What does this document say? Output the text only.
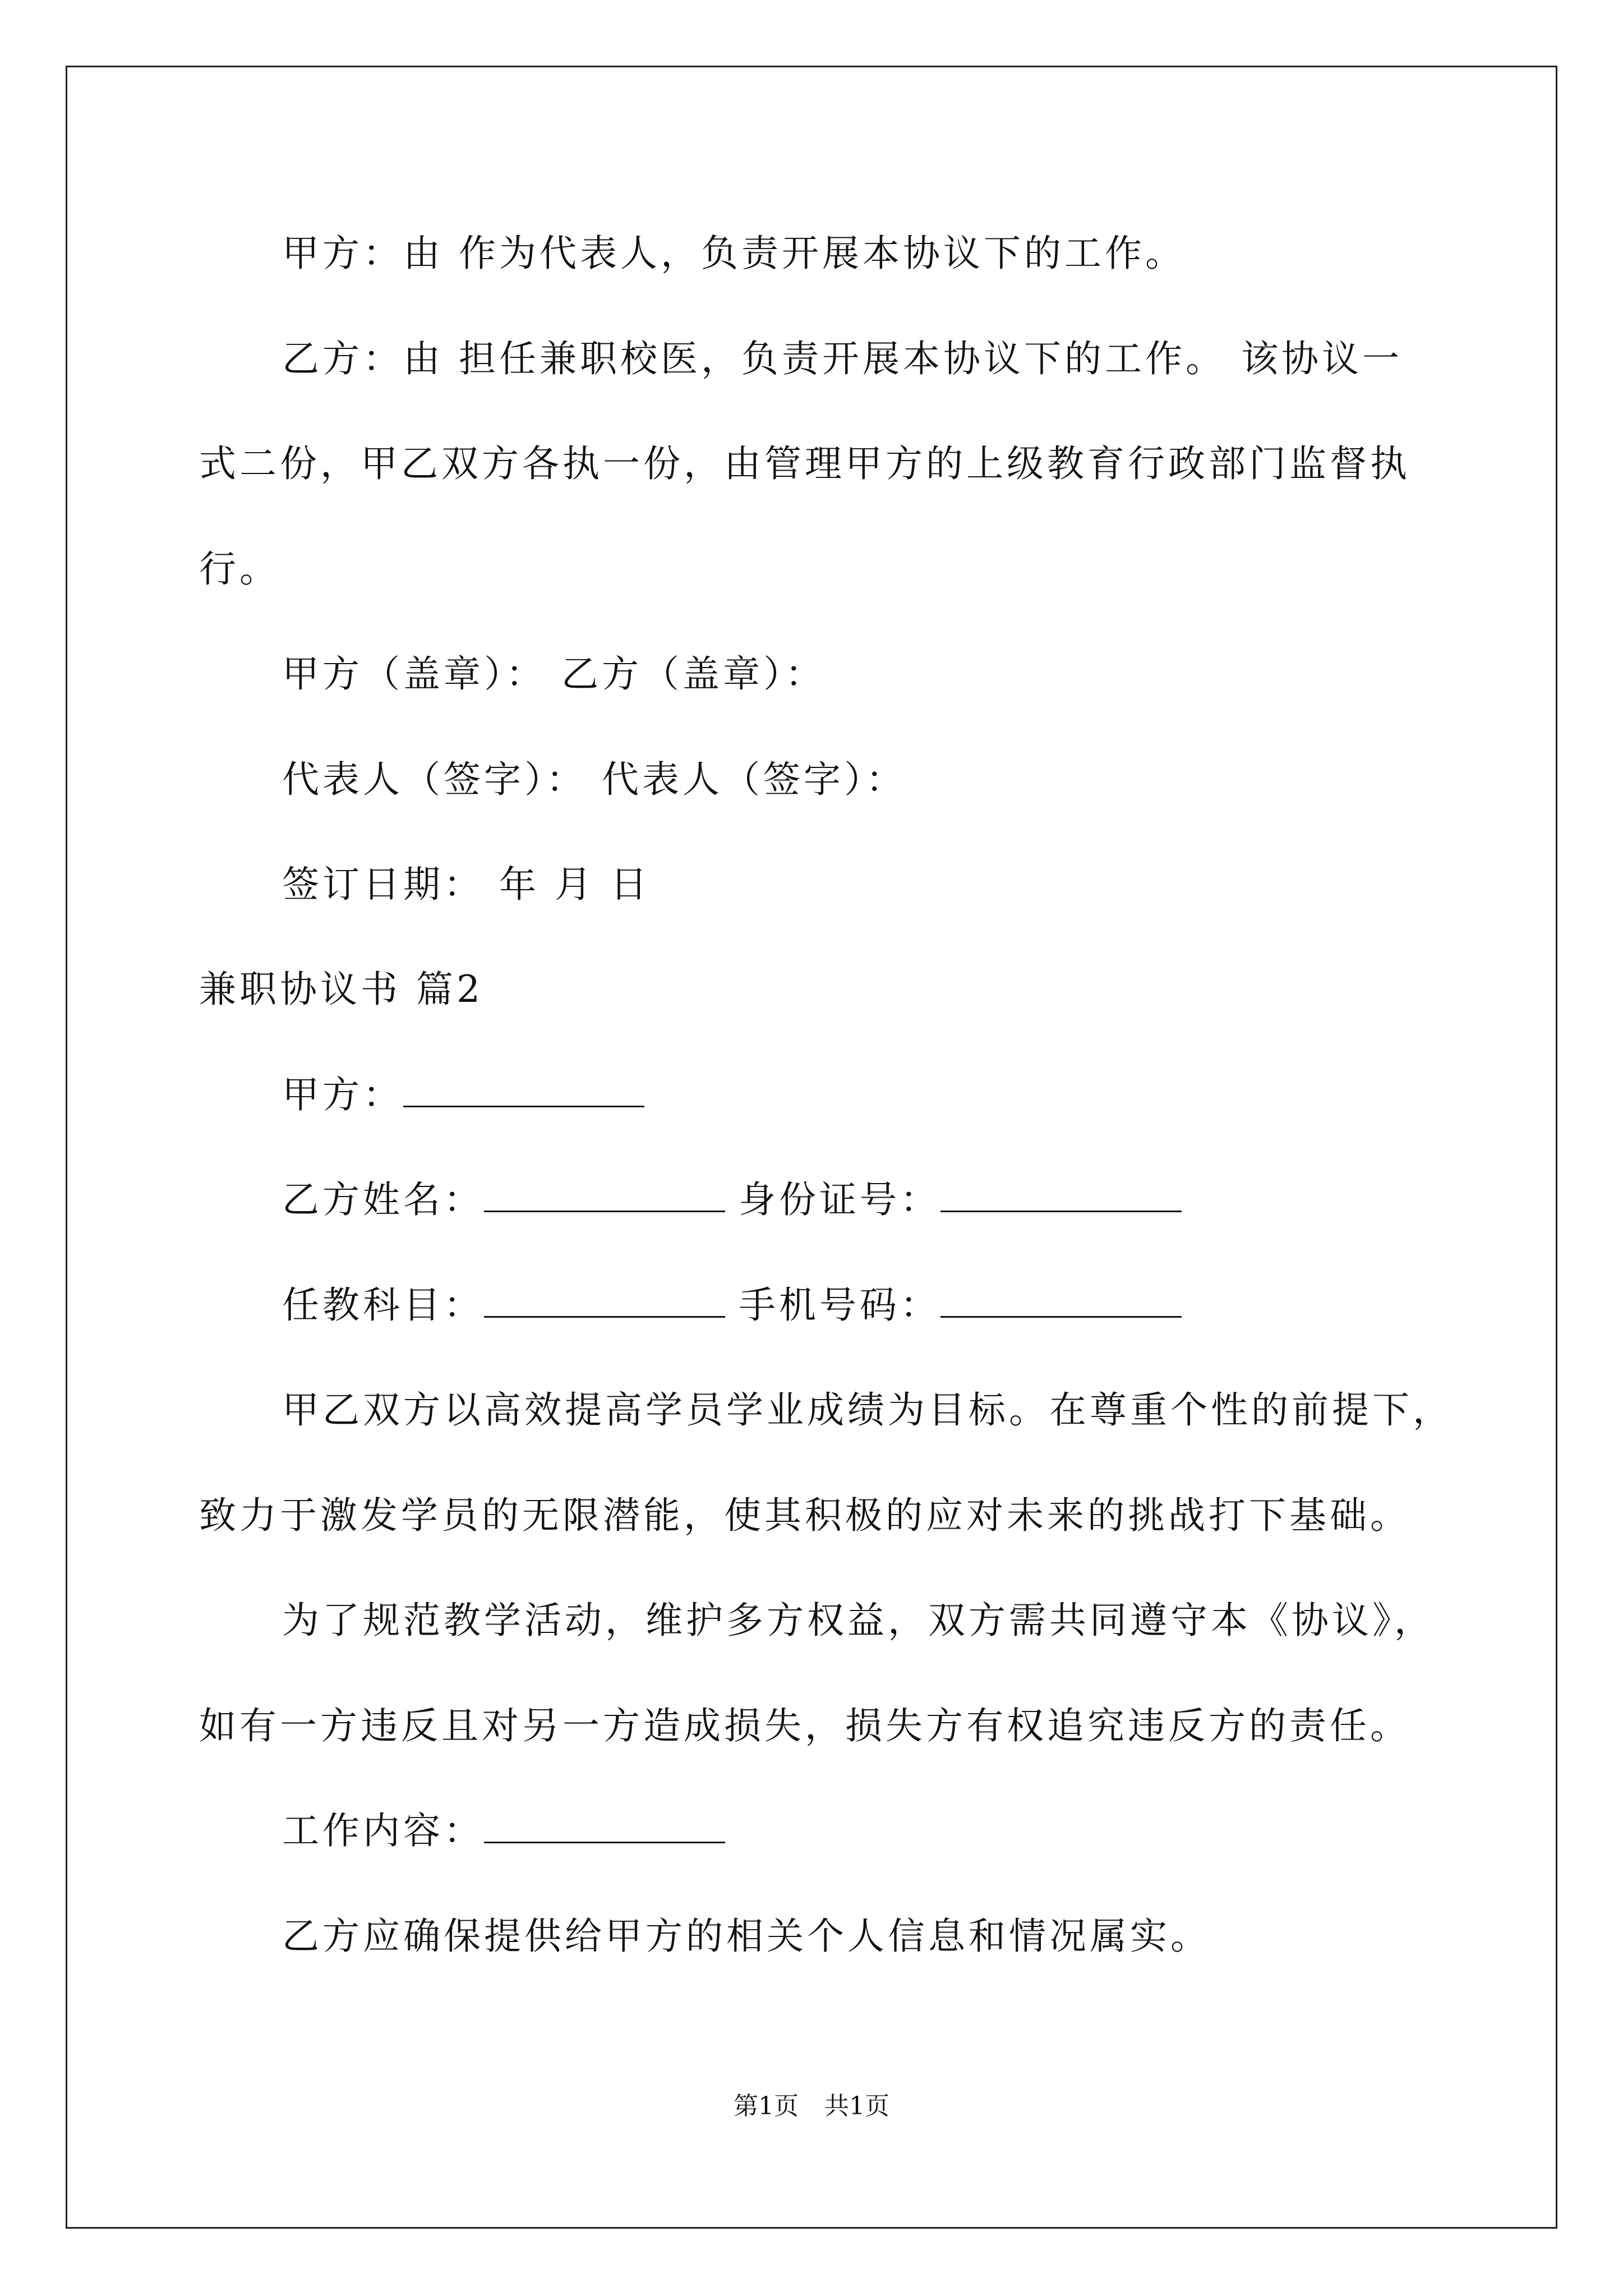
甲方：由 作为代表人，负责开展本协议下的工作。
乙方：由 担任兼职校医，负责开展本协议下的工作。 该协议一
式二份，甲乙双方各执一份，由管理甲方的上级教育行政部门监督执
行。
甲方（盖章）： 乙方（盖章）：
代表人（签字）： 代表人（签字）：
签订日期： 年 月 日
兼职协议书 篇2
甲方：
乙方姓名：	身份证号：
任教科目：	手机号码：
甲乙双方以高效提高学员学业成绩为目标。在尊重个性的前提下，
致力于激发学员的无限潜能，使其积极的应对未来的挑战打下基础。
为了规范教学活动，维护多方权益，双方需共同遵守本《协议》，
如有一方违反且对另一方造成损失，损失方有权追究违反方的责任。
工作内容：
乙方应确保提供给甲方的相关个人信息和情况属实。
第1页 共1页
